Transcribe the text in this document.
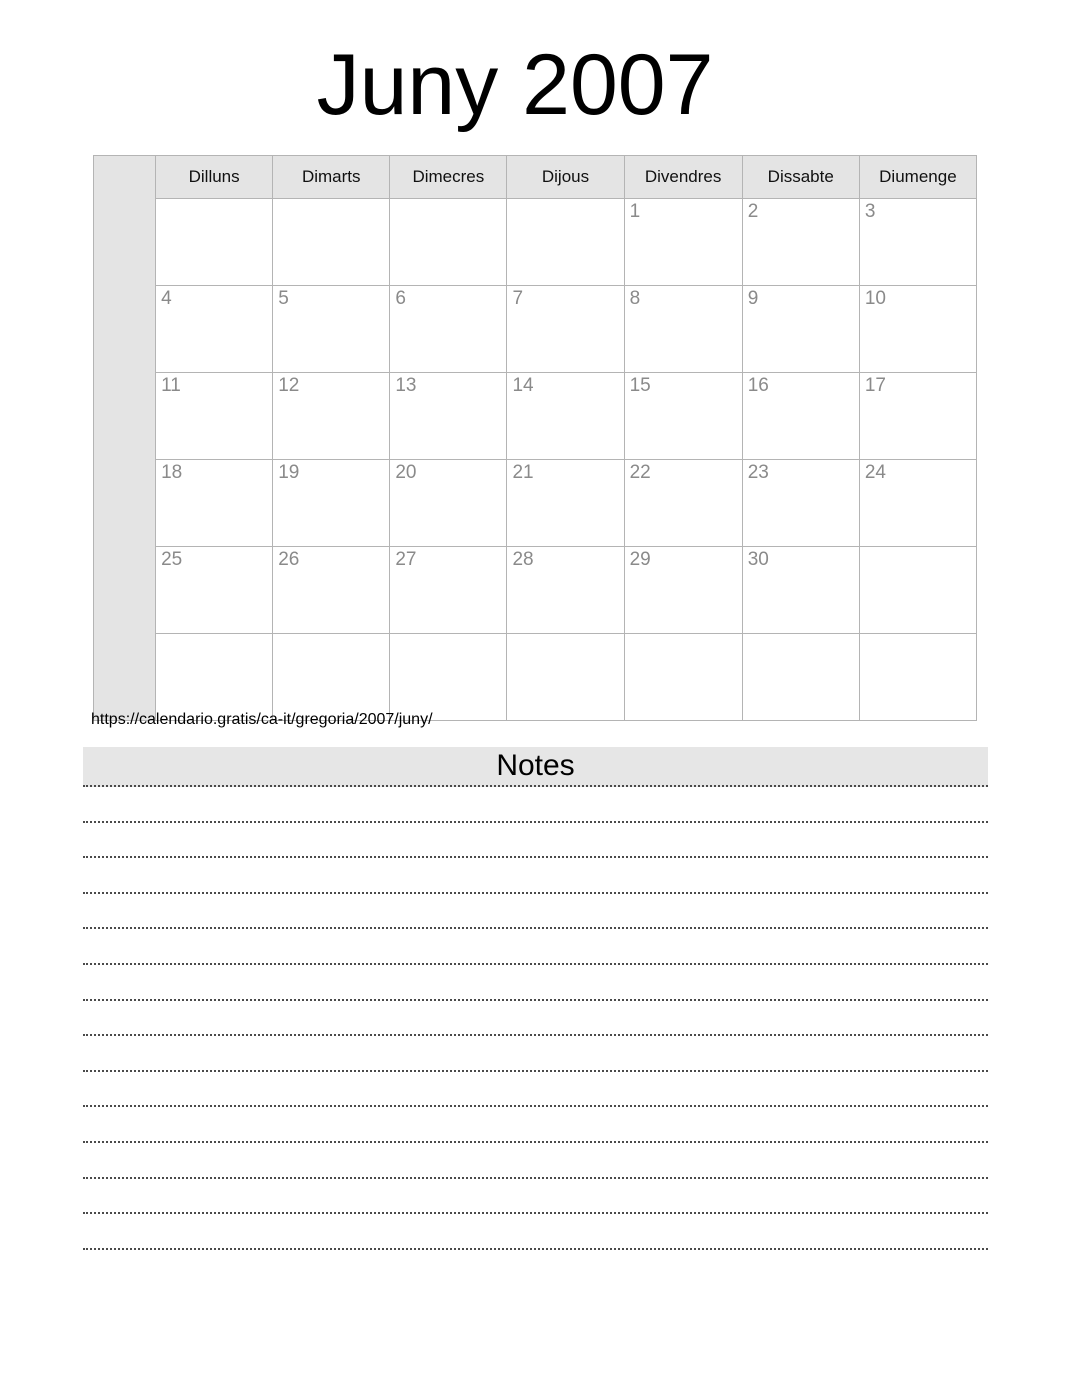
Juny 2007
	Dilluns	Dimarts	Dimecres	Dijous	Divendres	Dissabte	Diumenge
					1	2	3
	4	5	6	7	8	9	10
	11	12	13	14	15	16	17
	18	19	20	21	22	23	24
	25	26	27	28	29	30	

https://calendario.gratis/ca-it/gregoria/2007/juny/
Notes
